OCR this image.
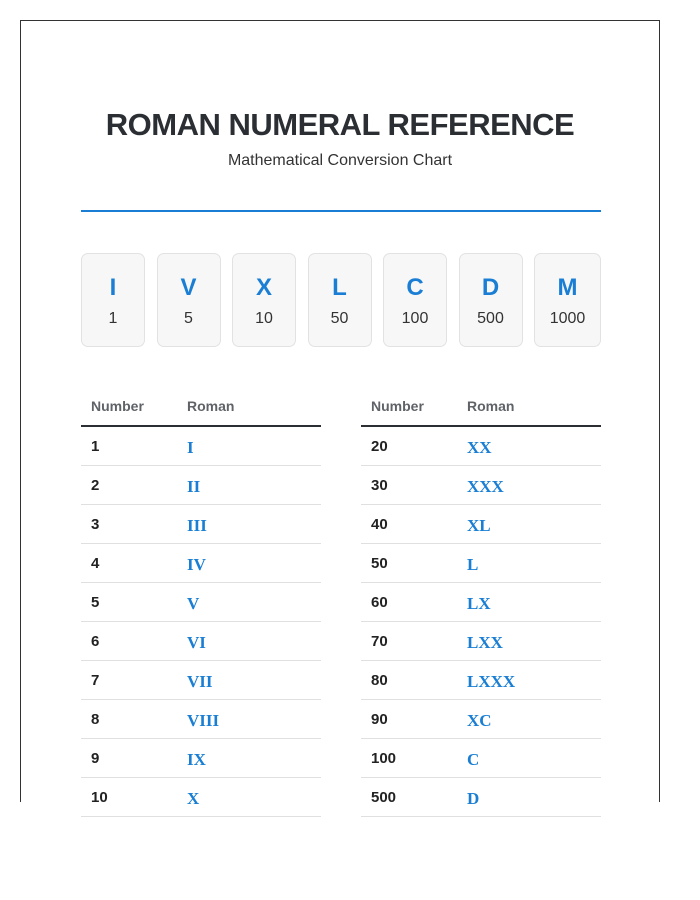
ROMAN NUMERAL REFERENCE
Mathematical Conversion Chart
I
1
V
5
X
10
L
50
C
100
D
500
M
1000
Number	Roman
1	I
2	II
3	III
4	IV
5	V
6	VI
7	VII
8	VIII
9	IX
10	X
Number	Roman
20	XX
30	XXX
40	XL
50	L
60	LX
70	LXX
80	LXXX
90	XC
100	C
500	D
